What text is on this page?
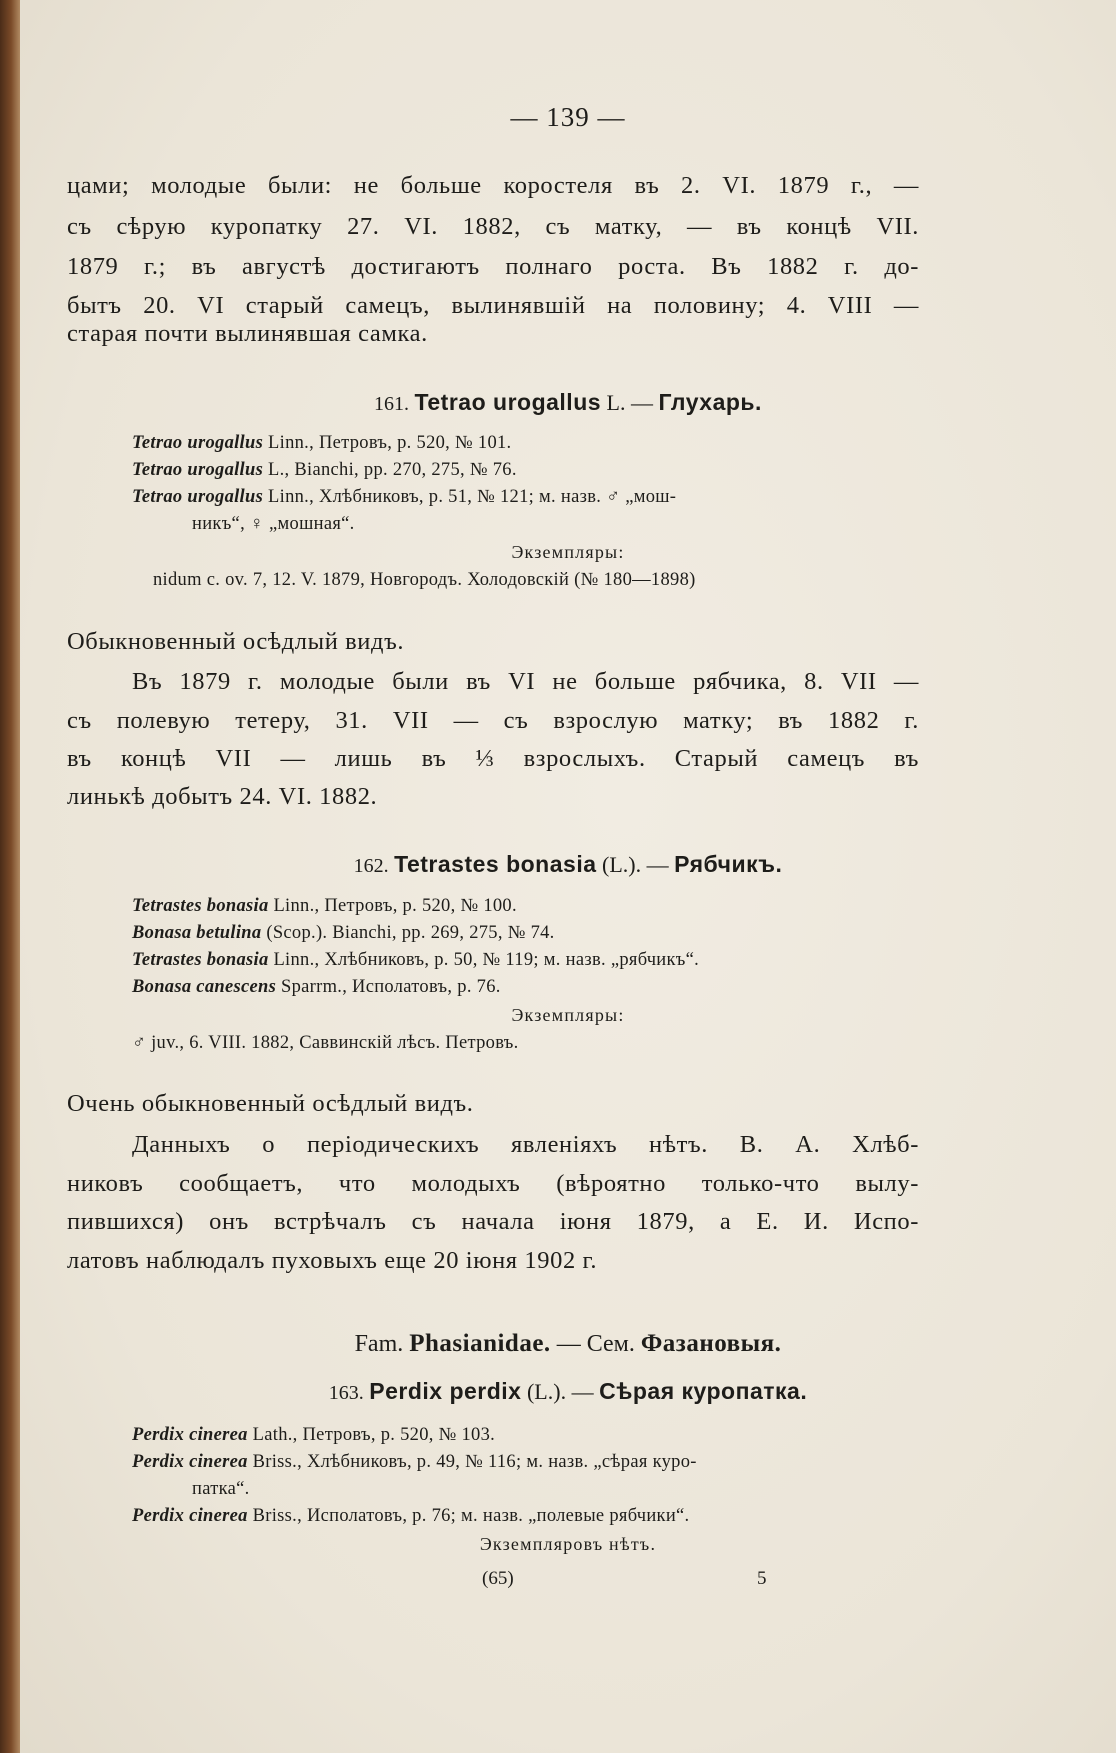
— 139 —
цами; молодые были: не больше коростеля въ 2. VI. 1879 г., —
съ сѣрую куропатку 27. VI. 1882, съ матку, — въ концѣ VII.
1879 г.; въ августѣ достигаютъ полнаго роста. Въ 1882 г. до-
бытъ 20. VI старый самецъ, вылинявшій на половину; 4. VIII —
старая почти вылинявшая самка.
161. Tetrao urogallus L. — Глухарь.
Tetrao urogallus Linn., Петровъ, p. 520, № 101.
Tetrao urogallus L., Bianchi, pp. 270, 275, № 76.
Tetrao urogallus Linn., Хлѣбниковъ, p. 51, № 121; м. назв. ♂ „мош-
никъ“, ♀ „мошная“.
Экземпляры:
nidum c. ov. 7, 12. V. 1879, Новгородъ. Холодовскій (№ 180—1898)
Обыкновенный осѣдлый видъ.
Въ 1879 г. молодые были въ VI не больше рябчика, 8. VII —
съ полевую тетеру, 31. VII — съ взрослую матку; въ 1882 г.
въ концѣ VII — лишь въ ⅓ взрослыхъ. Старый самецъ въ
линькѣ добытъ 24. VI. 1882.
162. Tetrastes bonasia (L.). — Рябчикъ.
Tetrastes bonasia Linn., Петровъ, p. 520, № 100.
Bonasa betulina (Scop.). Bianchi, pp. 269, 275, № 74.
Tetrastes bonasia Linn., Хлѣбниковъ, p. 50, № 119; м. назв. „рябчикъ“.
Bonasa canescens Sparrm., Исполатовъ, p. 76.
Экземпляры:
♂ juv., 6. VIII. 1882, Саввинскій лѣсъ. Петровъ.
Очень обыкновенный осѣдлый видъ.
Данныхъ о періодическихъ явленіяхъ нѣтъ. В. А. Хлѣб-
никовъ сообщаетъ, что молодыхъ (вѣроятно только-что вылу-
пившихся) онъ встрѣчалъ съ начала іюня 1879, а Е. И. Испо-
латовъ наблюдалъ пуховыхъ еще 20 іюня 1902 г.
Fam. Phasianidae. — Сем. Фазановыя.
163. Perdix perdix (L.). — Сѣрая куропатка.
Perdix cinerea Lath., Петровъ, p. 520, № 103.
Perdix cinerea Briss., Хлѣбниковъ, p. 49, № 116; м. назв. „сѣрая куро-
патка“.
Perdix cinerea Briss., Исполатовъ, p. 76; м. назв. „полевые рябчики“.
Экземпляровъ нѣтъ.
(65)	5
